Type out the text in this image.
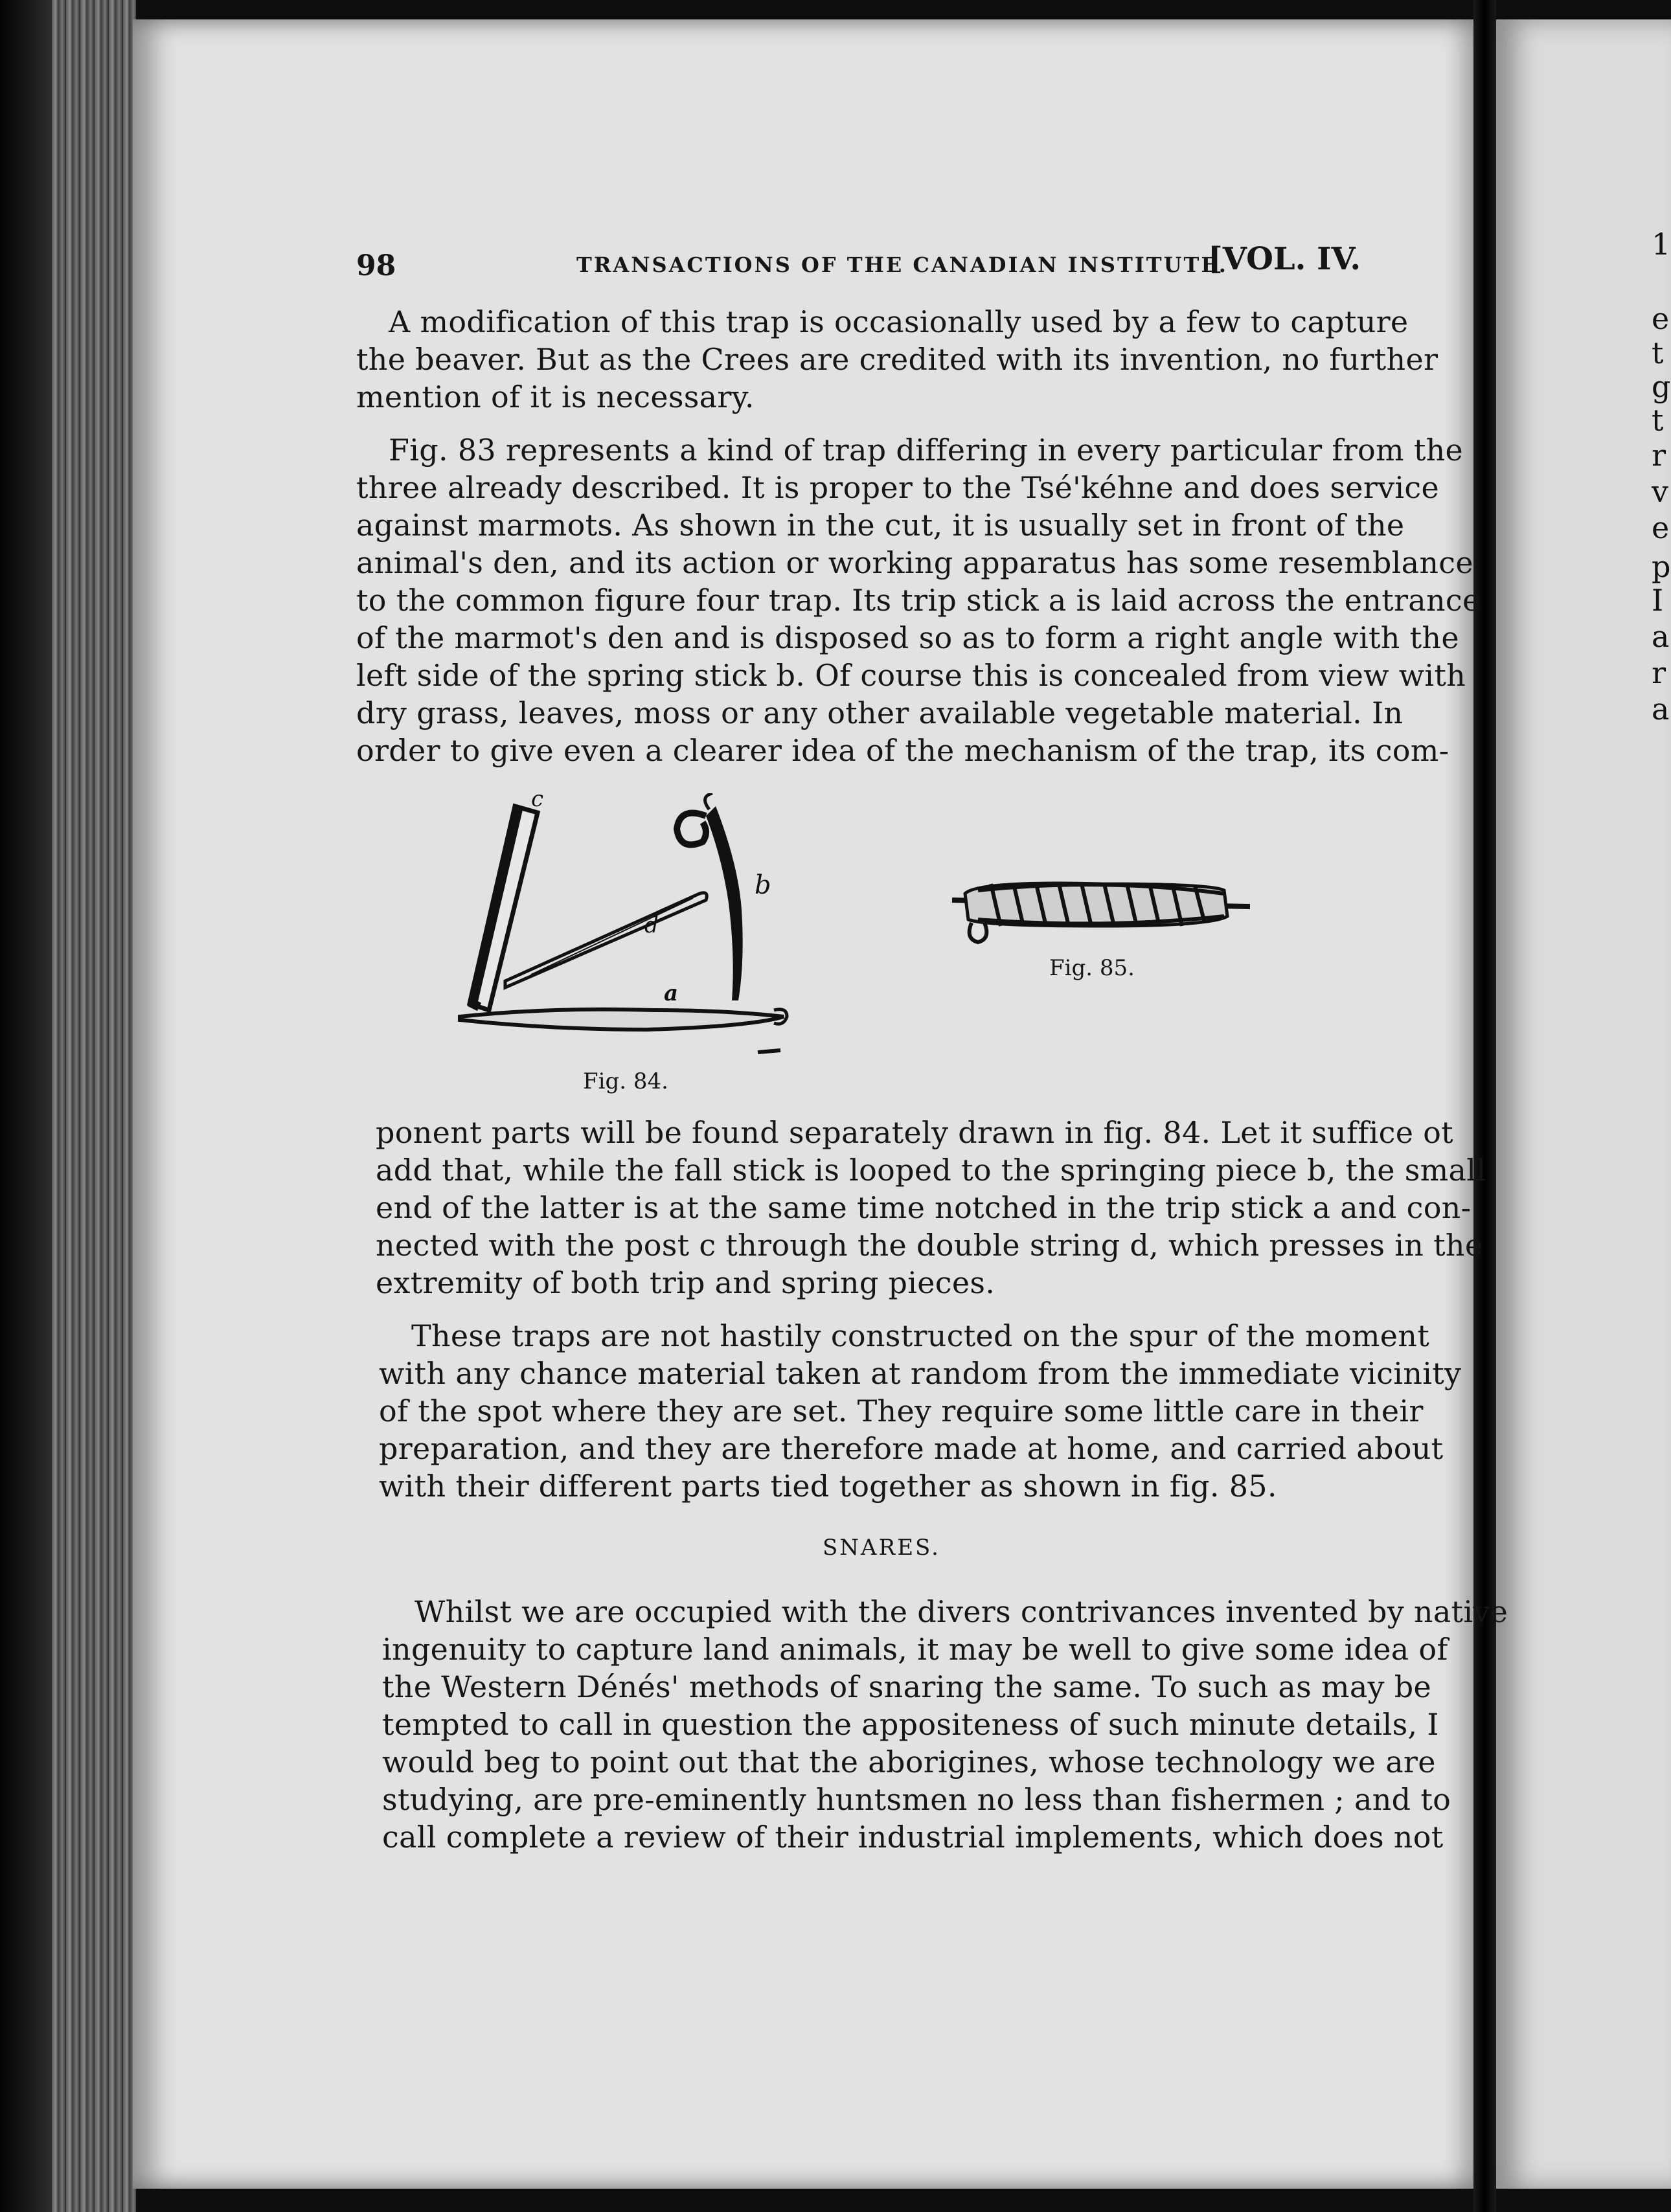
98	TRANSACTIONS OF THE CANADIAN INSTITUTE.
[VOL. IV.
A modification of this trap is occasionally used by a few to capture
the beaver. But as the Crees are credited with its invention, no further
mention of it is necessary.
Fig. 83 represents a kind of trap differing in every particular from the
three already described. It is proper to the Tsé'kéhne and does service
against marmots. As shown in the cut, it is usually set in front of the
animal's den, and its action or working apparatus has some resemblance
to the common figure four trap. Its trip stick a is laid across the entrance
of the marmot's den and is disposed so as to form a right angle with the
left side of the spring stick b. Of course this is concealed from view with
dry grass, leaves, moss or any other available vegetable material. In
order to give even a clearer idea of the mechanism of the trap, its com-
c
b
d
a
Fig. 84.
Fig. 85.
ponent parts will be found separately drawn in fig. 84. Let it suffice ot
add that, while the fall stick is looped to the springing piece b, the small
end of the latter is at the same time notched in the trip stick a and con-
nected with the post c through the double string d, which presses in the
extremity of both trip and spring pieces.
These traps are not hastily constructed on the spur of the moment
with any chance material taken at random from the immediate vicinity
of the spot where they are set. They require some little care in their
preparation, and they are therefore made at home, and carried about
with their different parts tied together as shown in fig. 85.
SNARES.
Whilst we are occupied with the divers contrivances invented by native
ingenuity to capture land animals, it may be well to give some idea of
the Western Dénés' methods of snaring the same. To such as may be
tempted to call in question the appositeness of such minute details, I
would beg to point out that the aborigines, whose technology we are
studying, are pre-eminently huntsmen no less than fishermen ; and to
call complete a review of their industrial implements, which does not
1
e
t
g
t
r
v
e
p
I
a
r
a
